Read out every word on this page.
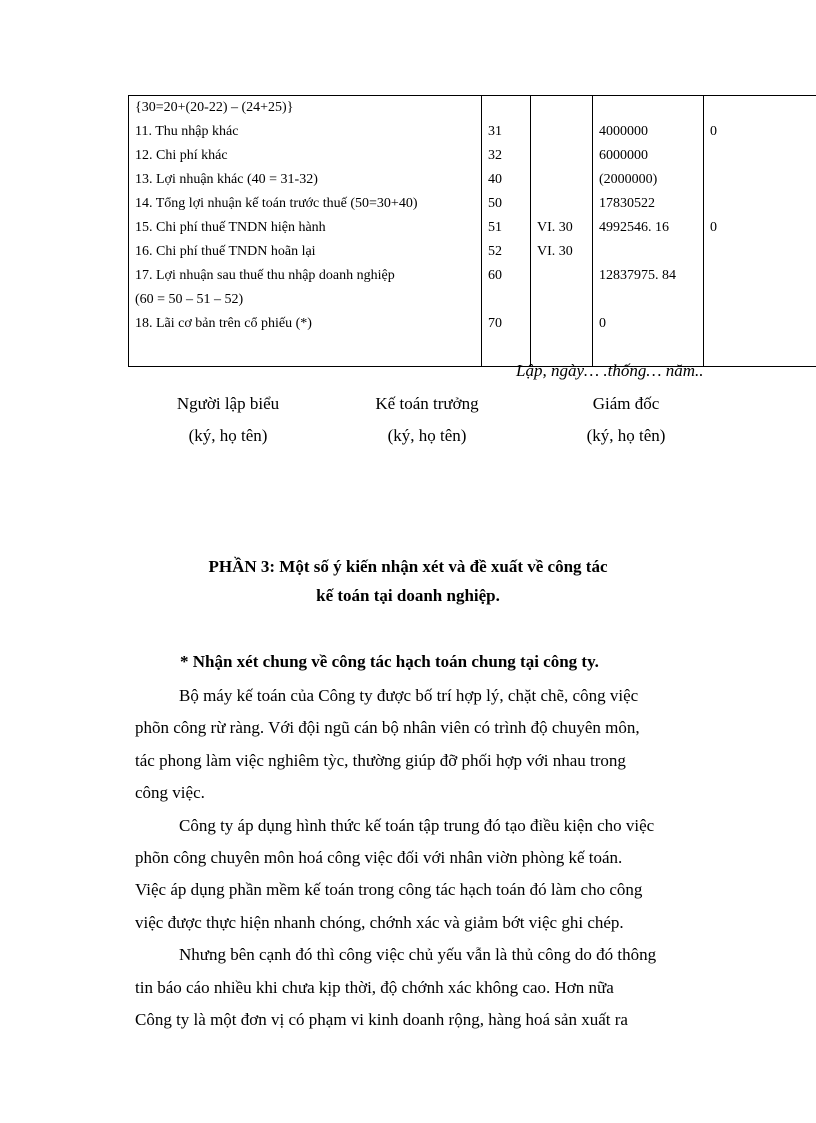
{30=20+(20-22) – (24+25)}				
11. Thu nhập khác	31		4000000	0
12. Chi phí khác	32		6000000	
13. Lợi nhuận khác (40 = 31-32)	40		(2000000)	
14. Tổng lợi nhuận kế toán trước thuế (50=30+40)	50		17830522	
15. Chi phí thuế TNDN hiện hành	51	VI. 30	4992546. 16	0
16. Chi phí thuế TNDN hoãn lại	52	VI. 30		
17. Lợi nhuận sau thuế thu nhập doanh nghiệp	60		12837975. 84	
(60 = 50 – 51 – 52)				
18. Lãi cơ bản trên cổ phiếu (*)	70		0	

Lập, ngày… .thống… năm..
Người lập biểu
(ký, họ tên)
Kế toán trưởng
(ký, họ tên)
Giám đốc
(ký, họ tên)
PHẦN 3: Một số ý kiến nhận xét và đề xuất về công tác
kế toán tại doanh nghiệp.
* Nhận xét chung về công tác hạch toán chung tại công ty.
Bộ máy kế toán của Công ty được bố trí hợp lý, chặt chẽ, công việc
phõn công rừ ràng. Với đội ngũ cán bộ nhân viên có trình độ chuyên môn,
tác phong làm việc nghiêm tỳc, thường giúp đỡ phối hợp với nhau trong
công việc.
Công ty áp dụng hình thức kế toán tập trung đó tạo điều kiện cho việc
phõn công chuyên môn hoá công việc đối với nhân viờn phòng kế toán.
Việc áp dụng phần mềm kế toán trong công tác hạch toán đó làm cho công
việc được thực hiện nhanh chóng, chớnh xác và giảm bớt việc ghi chép.
Nhưng bên cạnh đó thì công việc chủ yếu vẫn là thủ công do đó thông
tin báo cáo nhiều khi chưa kịp thời, độ chớnh xác không cao. Hơn nữa
Công ty là một đơn vị có phạm vi kinh doanh rộng, hàng hoá sản xuất ra
